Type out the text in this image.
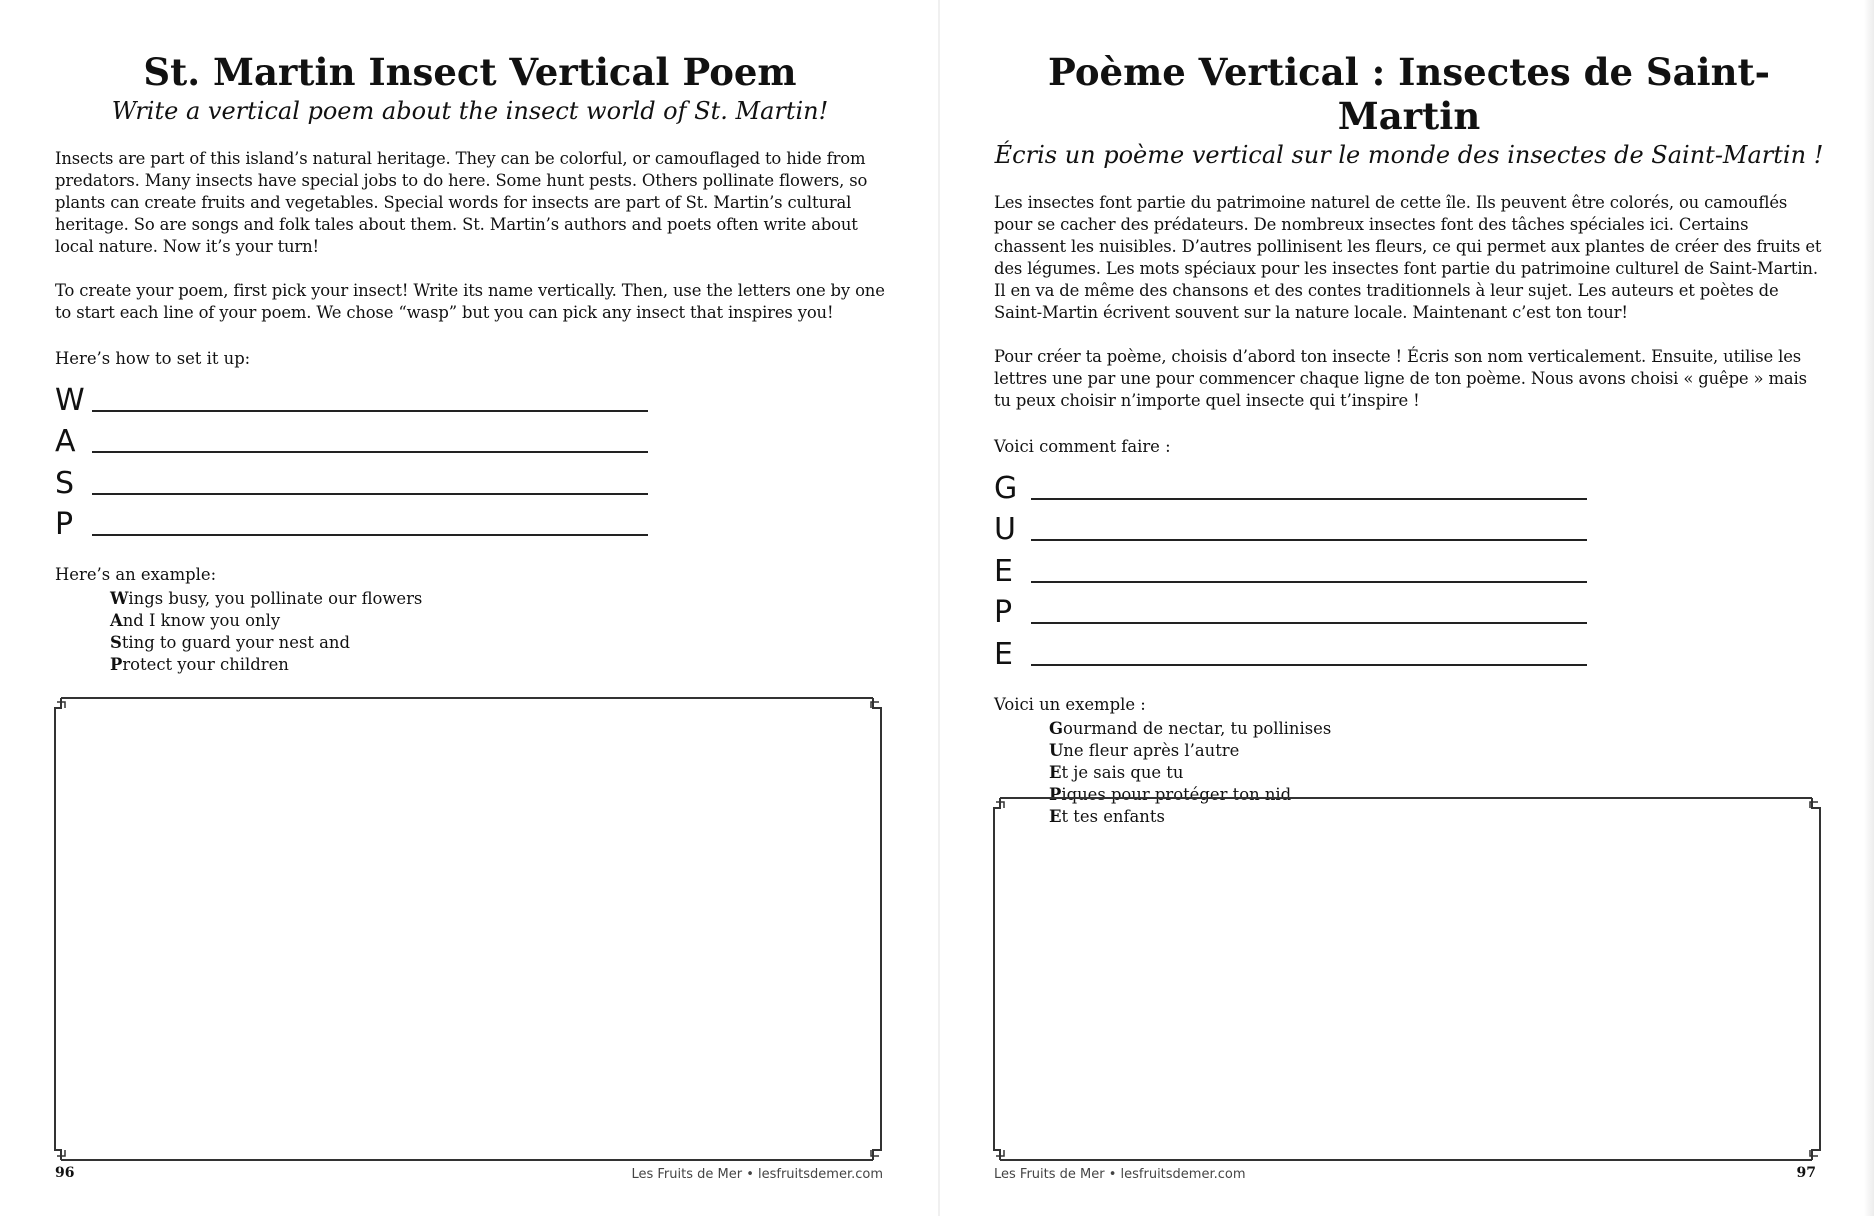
St. Martin Insect Vertical Poem
Write a vertical poem about the insect world of St. Martin!

Insects are part of this island’s natural heritage. They can be colorful, or camouflaged to hide from predators. Many insects have special jobs to do here. Some hunt pests. Others pollinate flowers, so plants can create fruits and vegetables. Special words for insects are part of St. Martin’s cultural heritage. So are songs and folk tales about them. St. Martin’s authors and poets often write about local nature. Now it’s your turn!

To create your poem, first pick your insect! Write its name vertically. Then, use the letters one by one to start each line of your poem. We chose “wasp” but you can pick any insect that inspires you!

Here’s how to set it up:

W
A
S
P

Here’s an example:

Wings busy, you pollinate our flowers
And I know you only
Sting to guard your nest and
Protect your children
96	Les Fruits de Mer • lesfruitsdemer.com
Poème Vertical : Insectes de Saint-Martin
Écris un poème vertical sur le monde des insectes de Saint-Martin !

Les insectes font partie du patrimoine naturel de cette île. Ils peuvent être colorés, ou camouflés pour se cacher des prédateurs. De nombreux insectes font des tâches spéciales ici. Certains chassent les nuisibles. D’autres pollinisent les fleurs, ce qui permet aux plantes de créer des fruits et des légumes. Les mots spéciaux pour les insectes font partie du patrimoine culturel de Saint-Martin. Il en va de même des chansons et des contes traditionnels à leur sujet. Les auteurs et poètes de Saint-Martin écrivent souvent sur la nature locale. Maintenant c’est ton tour!

Pour créer ta poème, choisis d’abord ton insecte ! Écris son nom verticalement. Ensuite, utilise les lettres une par une pour commencer chaque ligne de ton poème. Nous avons choisi « guêpe » mais tu peux choisir n’importe quel insecte qui t’inspire !

Voici comment faire :

G
U
E
P
E

Voici un exemple :

Gourmand de nectar, tu pollinises
Une fleur après l’autre
Et je sais que tu
Piques pour protéger ton nid
Et tes enfants
Les Fruits de Mer • lesfruitsdemer.com	97
